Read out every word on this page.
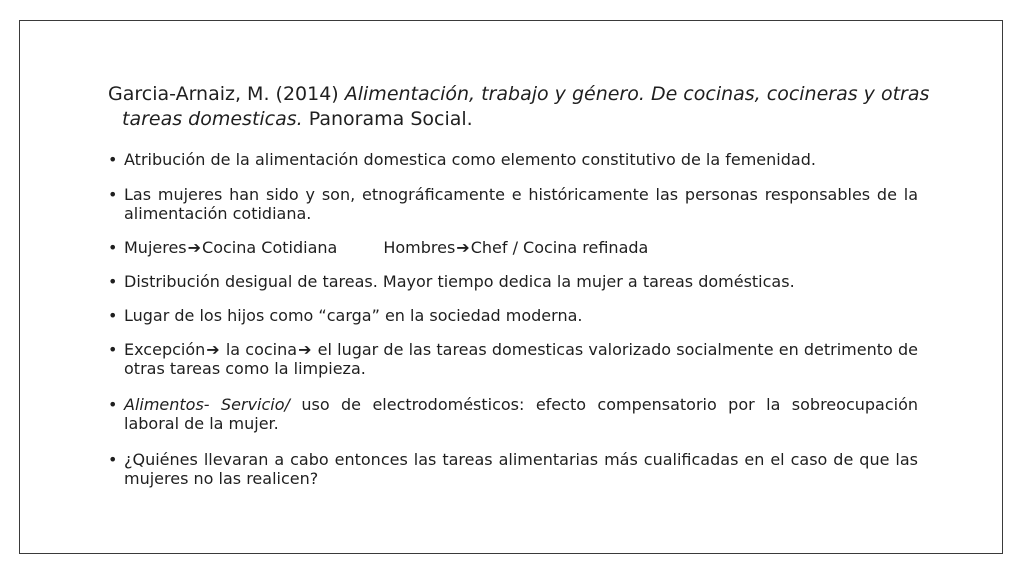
Garcia-Arnaiz, M. (2014) Alimentación, trabajo y género. De cocinas, cocineras y otras tareas domesticas. Panorama Social.
• Atribución de la alimentación domestica como elemento constitutivo de la femenidad.
• Las mujeres han sido y son, etnográficamente e históricamente las personas responsables de la alimentación cotidiana.
• Mujeres➔Cocina Cotidiana	Hombres➔Chef / Cocina refinada
• Distribución desigual de tareas. Mayor tiempo dedica la mujer a tareas domésticas.
• Lugar de los hijos como “carga” en la sociedad moderna.
• Excepción➔ la cocina➔ el lugar de las tareas domesticas valorizado socialmente en detrimento de otras tareas como la limpieza.
• Alimentos- Servicio/ uso de electrodomésticos: efecto compensatorio por la sobreocupación laboral de la mujer.
• ¿Quiénes llevaran a cabo entonces las tareas alimentarias más cualificadas en el caso de que las mujeres no las realicen?
